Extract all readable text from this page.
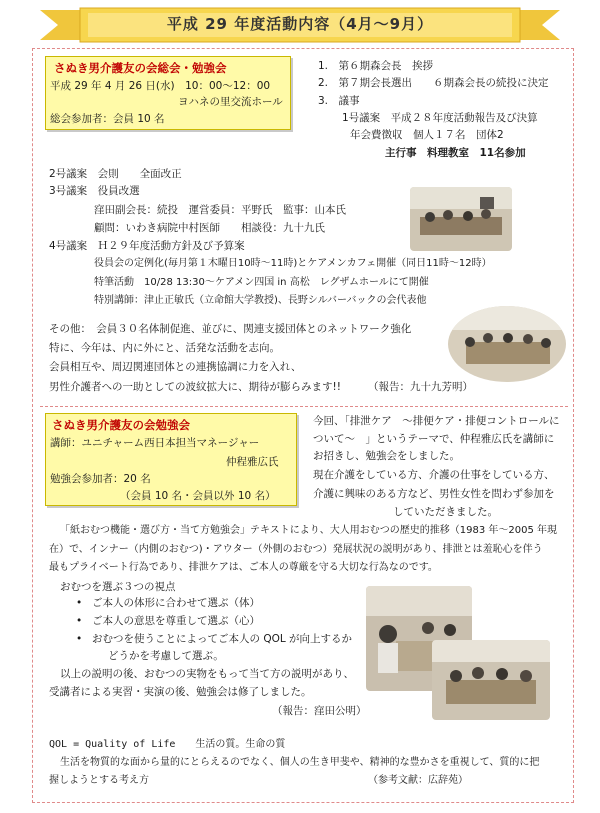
平成 29 年度活動内容（4月～9月）
さぬき男介護友の会総会・勉強会
平成 29 年 4 月 26 日(水)　10：00～12：00
ヨハネの里交流ホール
総会参加者：会員 10 名
1.　第６期森会長　挨拶
2.　第７期会長選出　　６期森会長の続投に決定
3.　議事
1号議案　平成２８年度活動報告及び決算
年会費徴収　個人１７名　団体2
主行事　料理教室　11名参加
2号議案　会則　　全面改正
3号議案　役員改選
窪田副会長：続投　運営委員：平野氏　監事：山本氏
顧問：いわき病院中村医師　　相談役：九十九氏
4号議案　Ｈ２９年度活動方針及び予算案
役員会の定例化(毎月第１木曜日10時～11時)とケアメンカフェ開催（同日11時～12時）
特筆活動　10/28 13:30～ケアメン四国 in 高松　レグザムホールにて開催
特別講師：津止正敏氏（立命館大学教授)、長野シルバーバックの会代表他
その他：　会員３０名体制促進、並びに、関連支援団体とのネットワーク強化
特に、今年は、内に外にと、活発な活動を志向。
会員相互や、周辺関連団体との連携協調に力を入れ、
男性介護者への一助としての波紋拡大に、期待が膨らみます!!	（報告：九十九芳明）
さぬき男介護友の会勉強会
講師：ユニチャーム西日本担当マネージャー
仲程雅広氏
勉強会参加者：20 名
（会員 10 名・会員以外 10 名）
今回、「排泄ケア　～排便ケア・排便コントロールに
ついて～　」というテーマで、仲程雅広氏を講師に
お招きし、勉強会をしました。
現在介護をしている方、介護の仕事をしている方、
介護に興味のある方など、男性女性を問わず参加を
していただきました。
「紙おむつ機能・選び方・当て方勉強会」テキストにより、大人用おむつの歴史的推移（1983 年～2005 年現
在）で、インナー（内側のおむつ)・アウター（外側のおむつ）発展状況の説明があり、排泄とは羞恥心を伴う
最もプライベート行為であり、排泄ケアは、ご本人の尊厳を守る大切な行為なのです。
おむつを選ぶ３つの視点
• ご本人の体形に合わせて選ぶ（体）
• ご本人の意思を尊重して選ぶ（心）
• おむつを使うことによってご本人の QOL が向上するか
どうかを考慮して選ぶ。
以上の説明の後、おむつの実物をもって当て方の説明があり、
受講者による実習・実演の後、勉強会は修了しました。
（報告：窪田公明）
QOL = Quality of Life　　生活の質。生命の質
生活を物質的な面から量的にとらえるのでなく、個人の生き甲斐や、精神的な豊かさを重視して、質的に把
握しようとする考え方	（参考文献：広辞苑）
